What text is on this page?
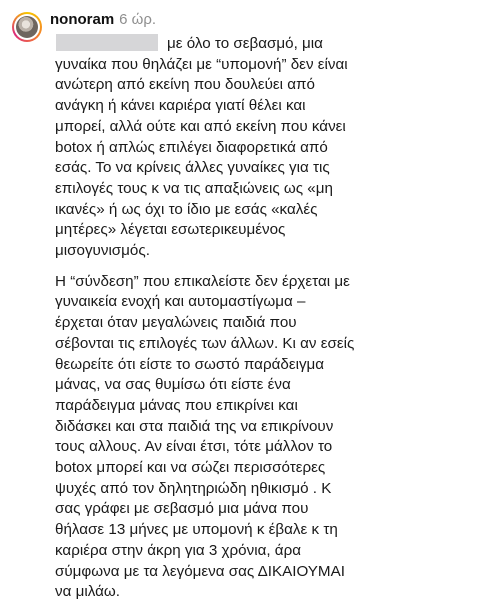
nonoram 6 ώρ.
με όλο το σεβασμό, μια
γυναίκα που θηλάζει με “υπομονή” δεν είναι
ανώτερη από εκείνη που δουλεύει από
ανάγκη ή κάνει καριέρα γιατί θέλει και
μπορεί, αλλά ούτε και από εκείνη που κάνει
botox ή απλώς επιλέγει διαφορετικά από
εσάς. Το να κρίνεις άλλες γυναίκες για τις
επιλογές τους κ να τις απαξιώνεις ως «μη
ικανές» ή ως όχι το ίδιο με εσάς «καλές
μητέρες» λέγεται εσωτερικευμένος
μισογυνισμός.
Η “σύνδεση” που επικαλείστε δεν έρχεται με
γυναικεία ενοχή και αυτομαστίγωμα –
έρχεται όταν μεγαλώνεις παιδιά που
σέβονται τις επιλογές των άλλων. Κι αν εσείς
θεωρείτε ότι είστε το σωστό παράδειγμα
μάνας, να σας θυμίσω ότι είστε ένα
παράδειγμα μάνας που επικρίνει και
διδάσκει και στα παιδιά της να επικρίνουν
τους αλλους. Αν είναι έτσι, τότε μάλλον το
botox μπορεί και να σώζει περισσότερες
ψυχές από τον δηλητηριώδη ηθικισμό . Κ
σας γράφει με σεβασμό μια μάνα που
θήλασε 13 μήνες με υπομονή κ έβαλε κ τη
καριέρα στην άκρη για 3 χρόνια, άρα
σύμφωνα με τα λεγόμενα σας ΔΙΚΑΙΟΥΜΑΙ
να μιλάω.
